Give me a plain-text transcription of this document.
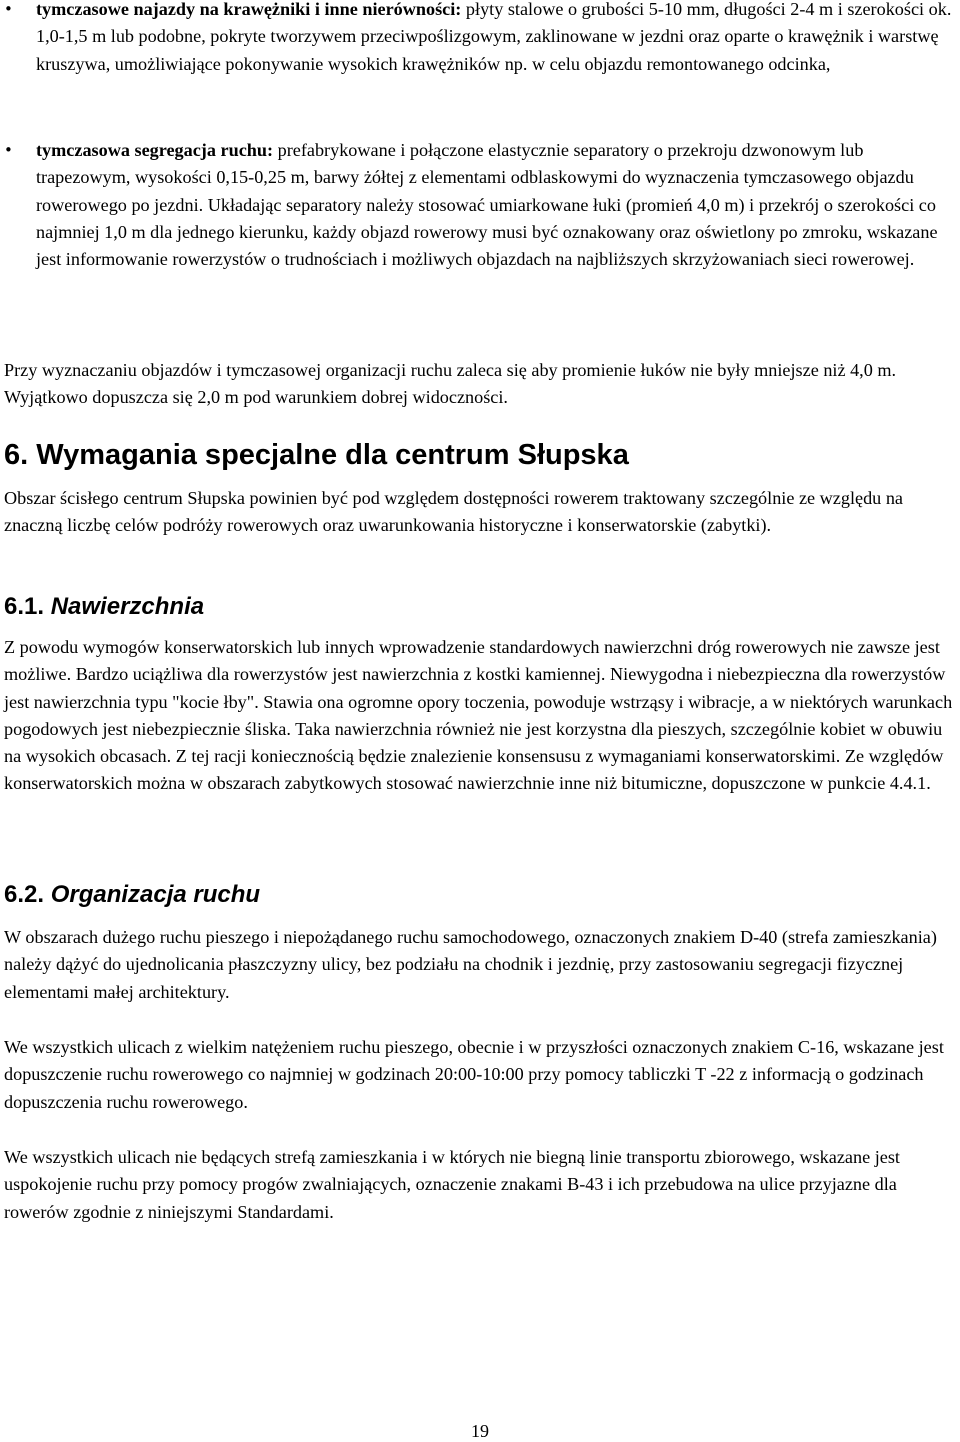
• tymczasowe najazdy na krawężniki i inne nierówności: płyty stalowe o grubości 5-10 mm, długości 2-4 m i szerokości ok. 1,0-1,5 m lub podobne, pokryte tworzywem przeciwpoślizgowym, zaklinowane w jezdni oraz oparte o krawężnik i warstwę kruszywa, umożliwiające pokonywanie wysokich krawężników np. w celu objazdu remontowanego odcinka,
• tymczasowa segregacja ruchu: prefabrykowane i połączone elastycznie separatory o przekroju dzwonowym lub trapezowym, wysokości 0,15-0,25 m, barwy żółtej z elementami odblaskowymi do wyznaczenia tymczasowego objazdu rowerowego po jezdni. Układając separatory należy stosować umiarkowane łuki (promień 4,0 m) i przekrój o szerokości co najmniej 1,0 m dla jednego kierunku, każdy objazd rowerowy musi być oznakowany oraz oświetlony po zmroku, wskazane jest informowanie rowerzystów o trudnościach i możliwych objazdach na najbliższych skrzyżowaniach sieci rowerowej.

Przy wyznaczaniu objazdów i tymczasowej organizacji ruchu zaleca się aby promienie łuków nie były mniejsze niż 4,0 m. Wyjątkowo dopuszcza się 2,0 m pod warunkiem dobrej widoczności.

6. Wymagania specjalne dla centrum Słupska

Obszar ścisłego centrum Słupska powinien być pod względem dostępności rowerem traktowany szczególnie ze względu na znaczną liczbę celów podróży rowerowych oraz uwarunkowania historyczne i konserwatorskie (zabytki).

6.1. Nawierzchnia

Z powodu wymogów konserwatorskich lub innych wprowadzenie standardowych nawierzchni dróg rowerowych nie zawsze jest możliwe. Bardzo uciążliwa dla rowerzystów jest nawierzchnia z kostki kamiennej. Niewygodna i niebezpieczna dla rowerzystów jest nawierzchnia typu "kocie łby". Stawia ona ogromne opory toczenia, powoduje wstrząsy i wibracje, a w niektórych warunkach pogodowych jest niebezpiecznie śliska. Taka nawierzchnia również nie jest korzystna dla pieszych, szczególnie kobiet w obuwiu na wysokich obcasach. Z tej racji koniecznością będzie znalezienie konsensusu z wymaganiami konserwatorskimi. Ze względów konserwatorskich można w obszarach zabytkowych stosować nawierzchnie inne niż bitumiczne, dopuszczone w punkcie 4.4.1.

6.2. Organizacja ruchu

W obszarach dużego ruchu pieszego i niepożądanego ruchu samochodowego, oznaczonych znakiem D-40 (strefa zamieszkania) należy dążyć do ujednolicania płaszczyzny ulicy, bez podziału na chodnik i jezdnię, przy zastosowaniu segregacji fizycznej elementami małej architektury.

We wszystkich ulicach z wielkim natężeniem ruchu pieszego, obecnie i w przyszłości oznaczonych znakiem C-16, wskazane jest dopuszczenie ruchu rowerowego co najmniej w godzinach 20:00-10:00 przy pomocy tabliczki T -22 z informacją o godzinach dopuszczenia ruchu rowerowego.

We wszystkich ulicach nie będących strefą zamieszkania i w których nie biegną linie transportu zbiorowego, wskazane jest uspokojenie ruchu przy pomocy progów zwalniających, oznaczenie znakami B-43 i ich przebudowa na ulice przyjazne dla rowerów zgodnie z niniejszymi Standardami.

19
